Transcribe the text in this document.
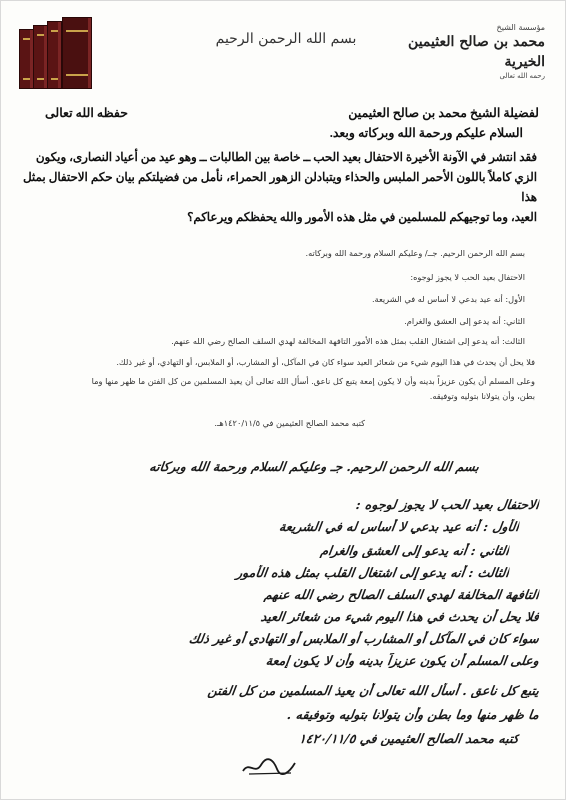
بسم الله الرحمن الرحيم
مؤسسة الشيخ
محمد بن صالح العثيمين الخيرية
رحمه الله تعالى
لفضيلة الشيخ محمد بن صالح العثيمين
حفظه الله تعالى
السلام عليكم ورحمة الله وبركاته وبعد.
فقد انتشر في الآونة الأخيرة الاحتفال بعيد الحب ــ خاصة بين الطالبات ــ وهو عيد من أعياد النصارى، ويكون
الزي كاملاً باللون الأحمر الملبس والحذاء ويتبادلن الزهور الحمراء، نأمل من فضيلتكم بيان حكم الاحتفال بمثل هذا
العيد، وما توجيهكم للمسلمين في مثل هذه الأمور والله يحفظكم ويرعاكم؟
بسم الله الرحمن الرحيم. جــ/ وعليكم السلام ورحمة الله وبركاته.
الاحتفال بعيد الحب لا يجوز لوجوه:
الأول: أنه عيد بدعي لا أساس له في الشريعة.
الثاني: أنه يدعو إلى العشق والغرام.
الثالث: أنه يدعو إلى اشتغال القلب بمثل هذه الأمور التافهة المخالفة لهدي السلف الصالح رضي الله عنهم.
فلا يحل أن يحدث في هذا اليوم شيء من شعائر العيد سواء كان في المآكل، أو المشارب، أو الملابس، أو التهادي، أو غير ذلك.
وعلى المسلم أن يكون عزيزاً بدينه وأن لا يكون إمعة يتبع كل ناعق. أسأل الله تعالى أن يعيذ المسلمين من كل الفتن ما ظهر منها وما
بطن، وأن يتولانا بتوليه وتوفيقه.
كتبه محمد الصالح العثيمين في ١٤٢٠/١١/٥هـ.
بسم الله الرحمن الرحيم. جـ وعليكم السلام ورحمة الله وبركاته
الاحتفال بعيد الحب لا يجوز لوجوه :
الأول : أنه عيد بدعي لا أساس له في الشريعة
الثاني : أنه يدعو إلى العشق والغرام
الثالث : أنه يدعو إلى اشتغال القلب بمثل هذه الأمور
التافهة المخالفة لهدي السلف الصالح رضي الله عنهم
فلا يحل أن يحدث في هذا اليوم شيء من شعائر العيد
سواء كان في المآكل أو المشارب أو الملابس أو التهادي أو غير ذلك
وعلى المسلم أن يكون عزيزاً بدينه وأن لا يكون إمعة
يتبع كل ناعق . أسأل الله تعالى أن يعيذ المسلمين من كل الفتن
ما ظهر منها وما بطن وأن يتولانا بتوليه وتوفيقه .
كتبه محمد الصالح العثيمين في ١٤٢٠/١١/٥
